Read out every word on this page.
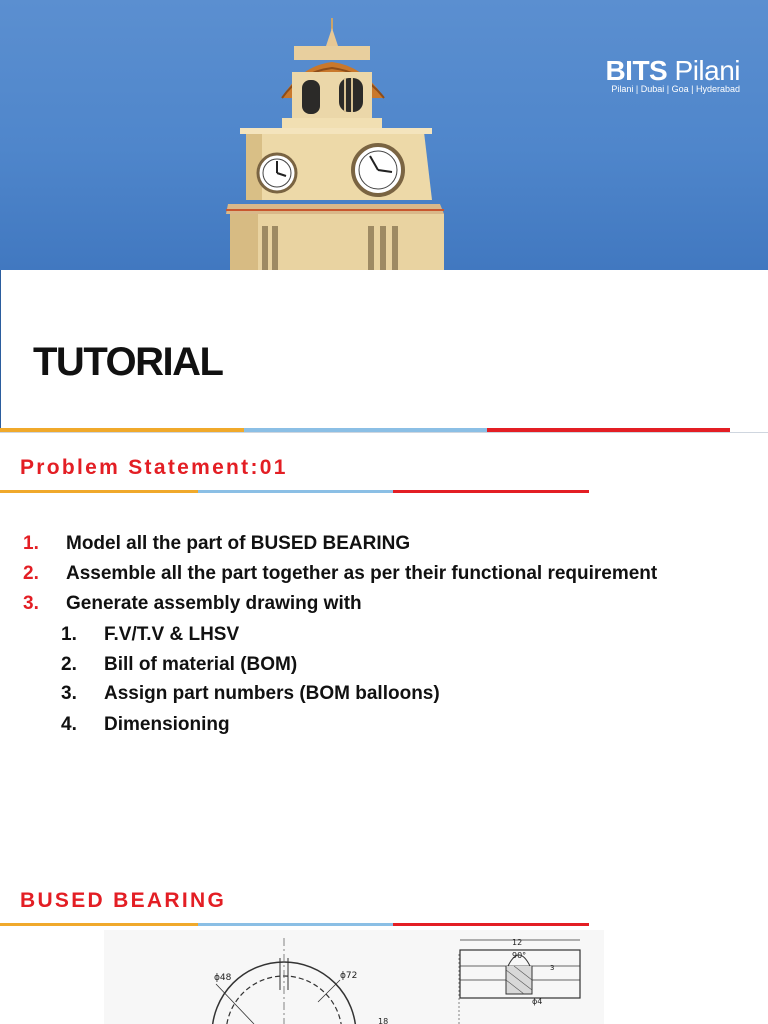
BITS Pilani
Pilani | Dubai | Goa | Hyderabad
TUTORIAL
Problem Statement:01
1. Model all the part of BUSED BEARING
2. Assemble all the part together as per their functional requirement
3. Generate assembly drawing with
1. F.V/T.V & LHSV
2. Bill of material (BOM)
3. Assign part numbers (BOM balloons)
4. Dimensioning
BUSED BEARING
ϕ48	ϕ72
18
12
90°
ϕ4
3
